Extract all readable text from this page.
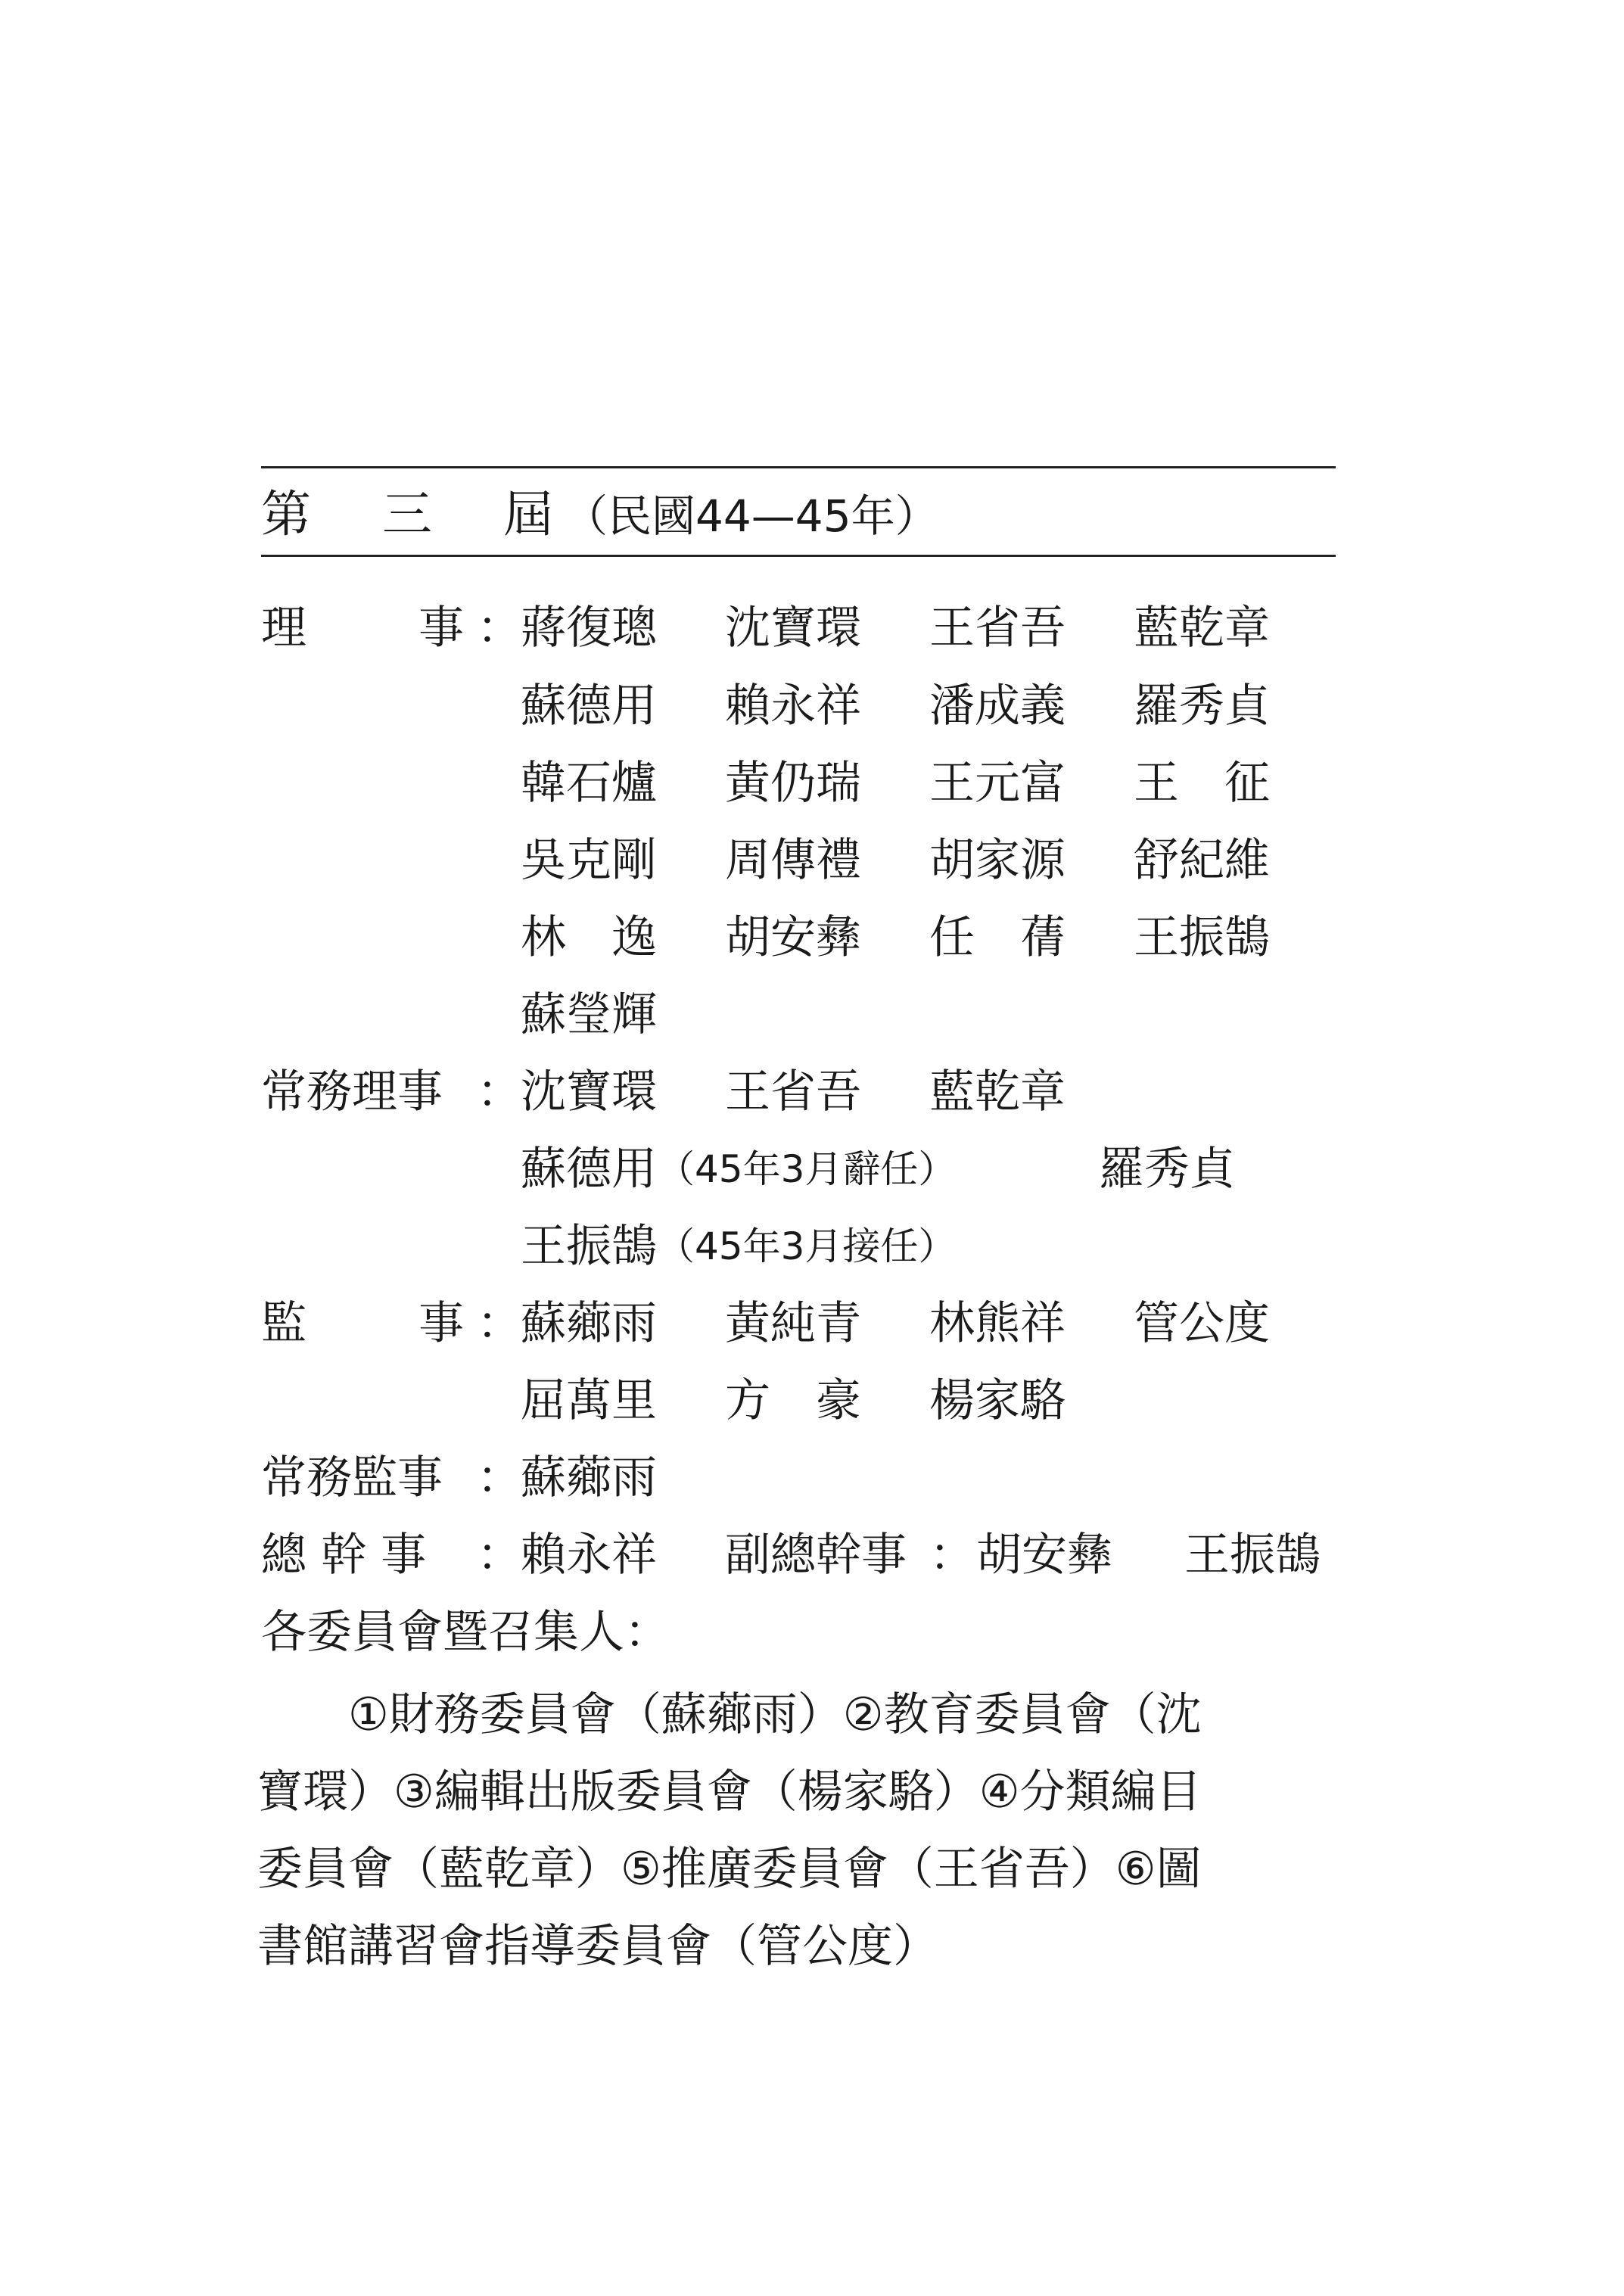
第 三 屆 （民國44—45年）
理 事 ：
蔣復璁 沈寶環 王省吾 藍乾章
蘇德用 賴永祥 潘成義 羅秀貞
韓石爐 黃仍瑞 王元富 王　征
吳克剛 周傳禮 胡家源 舒紀維
林　逸 胡安彝 任　蒨 王振鵠
蘇瑩輝
常務理事 ：
沈寶環 王省吾 藍乾章
蘇德用 （45年3月辭任）	羅秀貞
王振鵠 （45年3月接任）
監 事 ：
蘇薌雨 黃純青 林熊祥 管公度
屈萬里 方　豪 楊家駱
常務監事 ：
蘇薌雨
總 幹 事 ：
賴永祥 副總幹事 ： 胡安彝 王振鵠
各委員會暨召集人：
　　①財務委員會（蘇薌雨）②教育委員會（沈
寶環）③編輯出版委員會（楊家駱）④分類編目
委員會（藍乾章）⑤推廣委員會（王省吾）⑥圖
書館講習會指導委員會（管公度）
